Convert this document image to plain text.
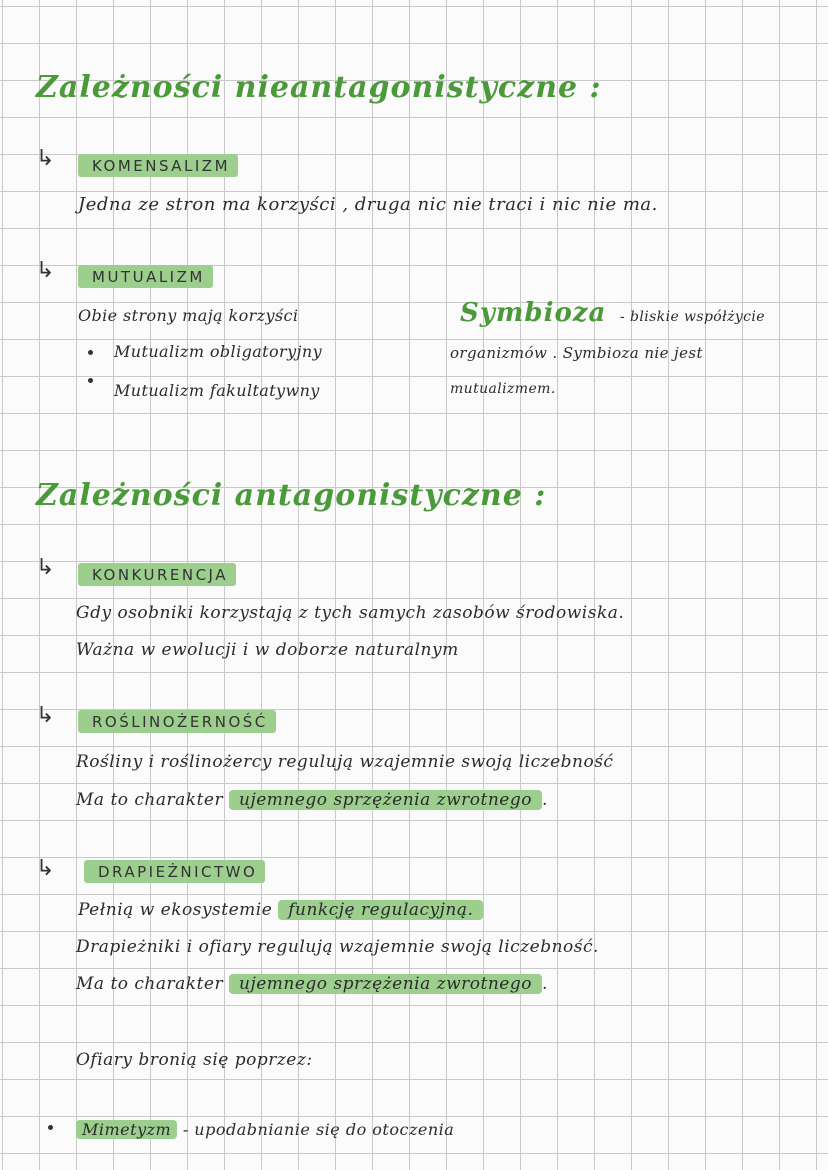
Zależności nieantagonistyczne :
↳	KOMENSALIZM
Jedna ze stron ma korzyści , druga nic nie traci i nic nie ma.
↳	MUTUALIZM
Obie strony mają korzyści
Mutualizm obligatoryjny
Mutualizm fakultatywny
Symbioza - bliskie współżycie
organizmów . Symbioza nie jest
mutualizmem.
Zależności antagonistyczne :
↳	KONKURENCJA
Gdy osobniki korzystają z tych samych zasobów środowiska.
Ważna w ewolucji i w doborze naturalnym
↳	ROŚLINOŻERNOŚĆ
Rośliny i roślinożercy regulują wzajemnie swoją liczebność
Ma to charakter ujemnego sprzężenia zwrotnego .
↳	DRAPIEŻNICTWO
Pełnią w ekosystemie funkcję regulacyjną.
Drapieżniki i ofiary regulują wzajemnie swoją liczebność.
Ma to charakter ujemnego sprzężenia zwrotnego .
Ofiary bronią się poprzez:
Mimetyzm - upodabnianie się do otoczenia
